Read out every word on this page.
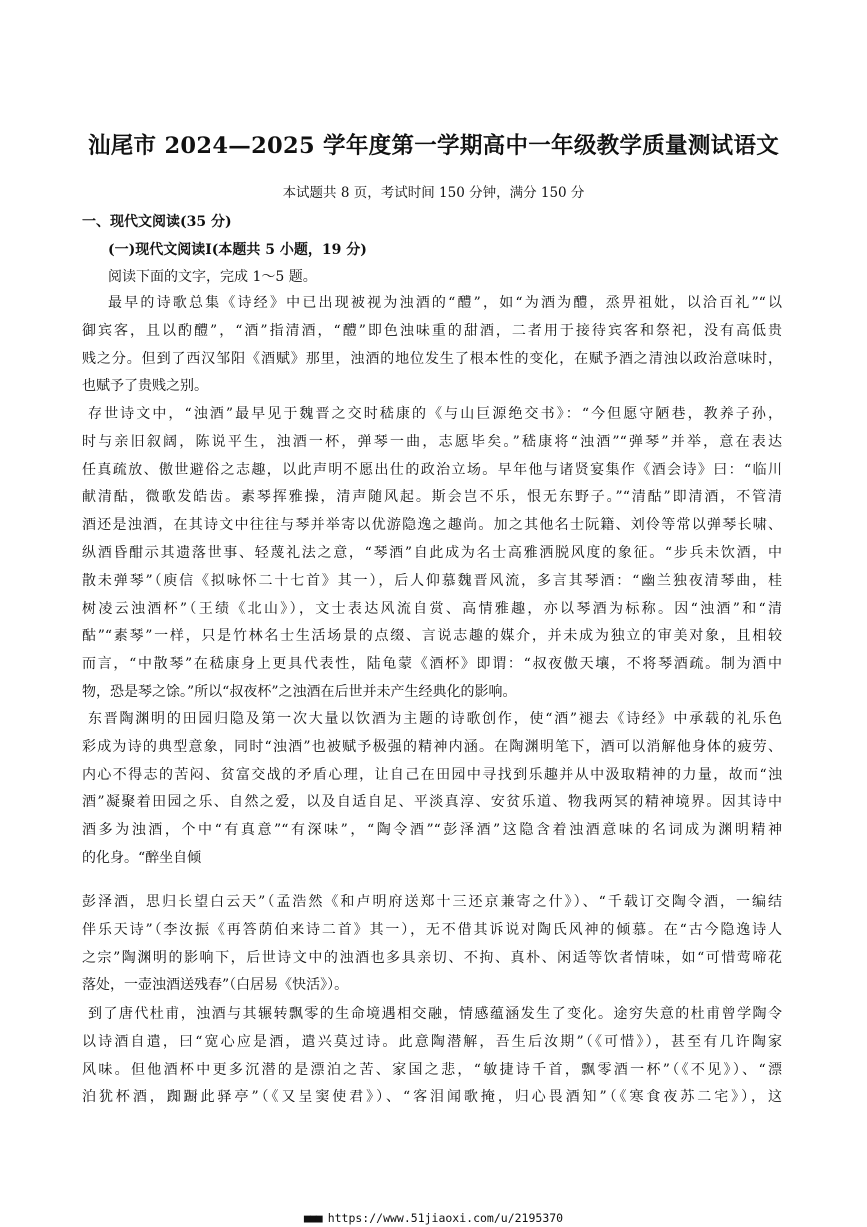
汕尾市 2024—2025 学年度第一学期高中一年级教学质量测试语文
本试题共 8 页，考试时间 150 分钟，满分 150 分
一、现代文阅读(35 分)
(一)现代文阅读Ⅰ(本题共 5 小题，19 分)
阅读下面的文字，完成 1～5 题。
最早的诗歌总集《诗经》中已出现被视为浊酒的“醴”，如“为酒为醴，烝畀祖妣，以洽百礼”“以
御宾客，且以酌醴”，“酒”指清酒，“醴”即色浊味重的甜酒，二者用于接待宾客和祭祀，没有高低贵
贱之分。但到了西汉邹阳《酒赋》那里，浊酒的地位发生了根本性的变化，在赋予酒之清浊以政治意味时，
也赋予了贵贱之别。
存世诗文中，“浊酒”最早见于魏晋之交时嵇康的《与山巨源绝交书》：“今但愿守陋巷，教养子孙，
时与亲旧叙阔，陈说平生，浊酒一杯，弹琴一曲，志愿毕矣。”嵇康将“浊酒”“弹琴”并举，意在表达
任真疏放、傲世避俗之志趣，以此声明不愿出仕的政治立场。早年他与诸贤宴集作《酒会诗》曰：“临川
献清酤，微歌发皓齿。素琴挥雅操，清声随风起。斯会岂不乐，恨无东野子。”“清酤”即清酒，不管清
酒还是浊酒，在其诗文中往往与琴并举寄以优游隐逸之趣尚。加之其他名士阮籍、刘伶等常以弹琴长啸、
纵酒昏酣示其遗落世事、轻蔑礼法之意，“琴酒”自此成为名士高雅洒脱风度的象征。“步兵未饮酒，中
散未弹琴”（庾信《拟咏怀二十七首》其一），后人仰慕魏晋风流，多言其琴酒：“幽兰独夜清琴曲，桂
树凌云浊酒杯”（王绩《北山》），文士表达风流自赏、高情雅趣，亦以琴酒为标称。因“浊酒”和“清
酤”“素琴”一样，只是竹林名士生活场景的点缀、言说志趣的媒介，并未成为独立的审美对象，且相较
而言，“中散琴”在嵇康身上更具代表性，陆龟蒙《酒杯》即谓：“叔夜傲天壤，不将琴酒疏。制为酒中
物，恐是琴之馀。”所以“叔夜杯”之浊酒在后世并未产生经典化的影响。
东晋陶渊明的田园归隐及第一次大量以饮酒为主题的诗歌创作，使“酒”褪去《诗经》中承载的礼乐色
彩成为诗的典型意象，同时“浊酒”也被赋予极强的精神内涵。在陶渊明笔下，酒可以消解他身体的疲劳、
内心不得志的苦闷、贫富交战的矛盾心理，让自己在田园中寻找到乐趣并从中汲取精神的力量，故而“浊
酒”凝聚着田园之乐、自然之爱，以及自适自足、平淡真淳、安贫乐道、物我两冥的精神境界。因其诗中
酒多为浊酒，个中“有真意”“有深味”，“陶令酒”“彭泽酒”这隐含着浊酒意味的名词成为渊明精神
的化身。“醉坐自倾
彭泽酒，思归长望白云天”（孟浩然《和卢明府送郑十三还京兼寄之什》）、“千载订交陶令酒，一编结
伴乐天诗”（李汝振《再答荫伯来诗二首》其一），无不借其诉说对陶氏风神的倾慕。在“古今隐逸诗人
之宗”陶渊明的影响下，后世诗文中的浊酒也多具亲切、不拘、真朴、闲适等饮者情味，如“可惜莺啼花
落处，一壶浊酒送残春”（白居易《快活》）。
到了唐代杜甫，浊酒与其辗转飘零的生命境遇相交融，情感蕴涵发生了变化。途穷失意的杜甫曾学陶令
以诗酒自遣，曰“宽心应是酒，遣兴莫过诗。此意陶潜解，吾生后汝期”（《可惜》），甚至有几许陶家
风味。但他酒杯中更多沉潜的是漂泊之苦、家国之悲，“敏捷诗千首，飘零酒一杯”（《不见》）、“漂
泊犹杯酒，踟蹰此驿亭”（《又呈窦使君》）、“客泪闻歌掩，归心畏酒知”（《寒食夜苏二宅》），这
■■■ https://www.51jiaoxi.com/u/2195370
